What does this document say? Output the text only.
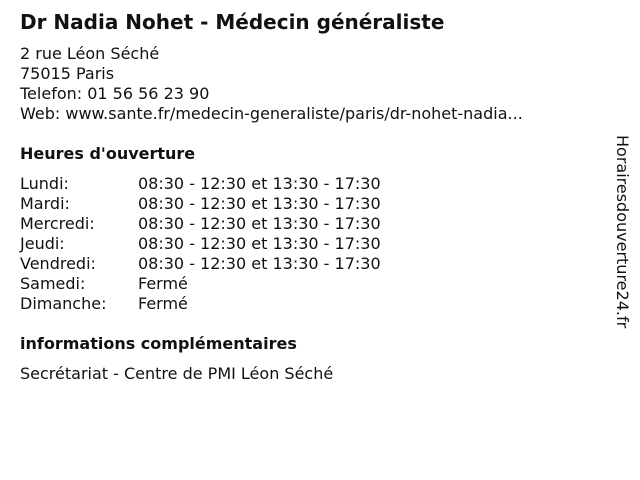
Dr Nadia Nohet - Médecin généraliste
2 rue Léon Séché
75015 Paris
Telefon: 01 56 56 23 90
Web: www.sante.fr/medecin-generaliste/paris/dr-nohet-nadia...
Heures d'ouverture
Lundi:	08:30 - 12:30 et 13:30 - 17:30
Mardi:	08:30 - 12:30 et 13:30 - 17:30
Mercredi:	08:30 - 12:30 et 13:30 - 17:30
Jeudi:	08:30 - 12:30 et 13:30 - 17:30
Vendredi:	08:30 - 12:30 et 13:30 - 17:30
Samedi:	Fermé
Dimanche:	Fermé
informations complémentaires
Secrétariat - Centre de PMI Léon Séché
Horairesdouverture24.fr
